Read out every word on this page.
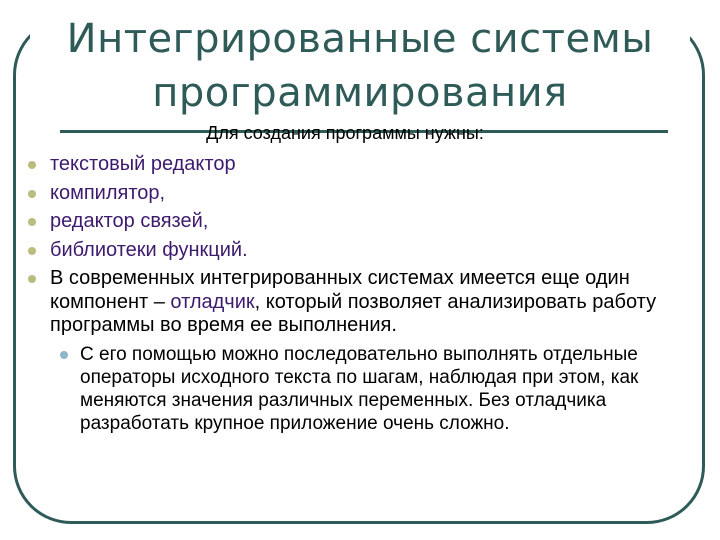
Интегрированные системы программирования
Для создания программы нужны:
текстовый редактор
компилятор,
редактор связей,
библиотеки функций.
В современных интегрированных системах имеется еще один компонент – отладчик, который позволяет анализировать работу программы во время ее выполнения.
С его помощью можно последовательно выполнять отдельные операторы исходного текста по шагам, наблюдая при этом, как меняются значения различных переменных. Без отладчика разработать крупное приложение очень сложно.
